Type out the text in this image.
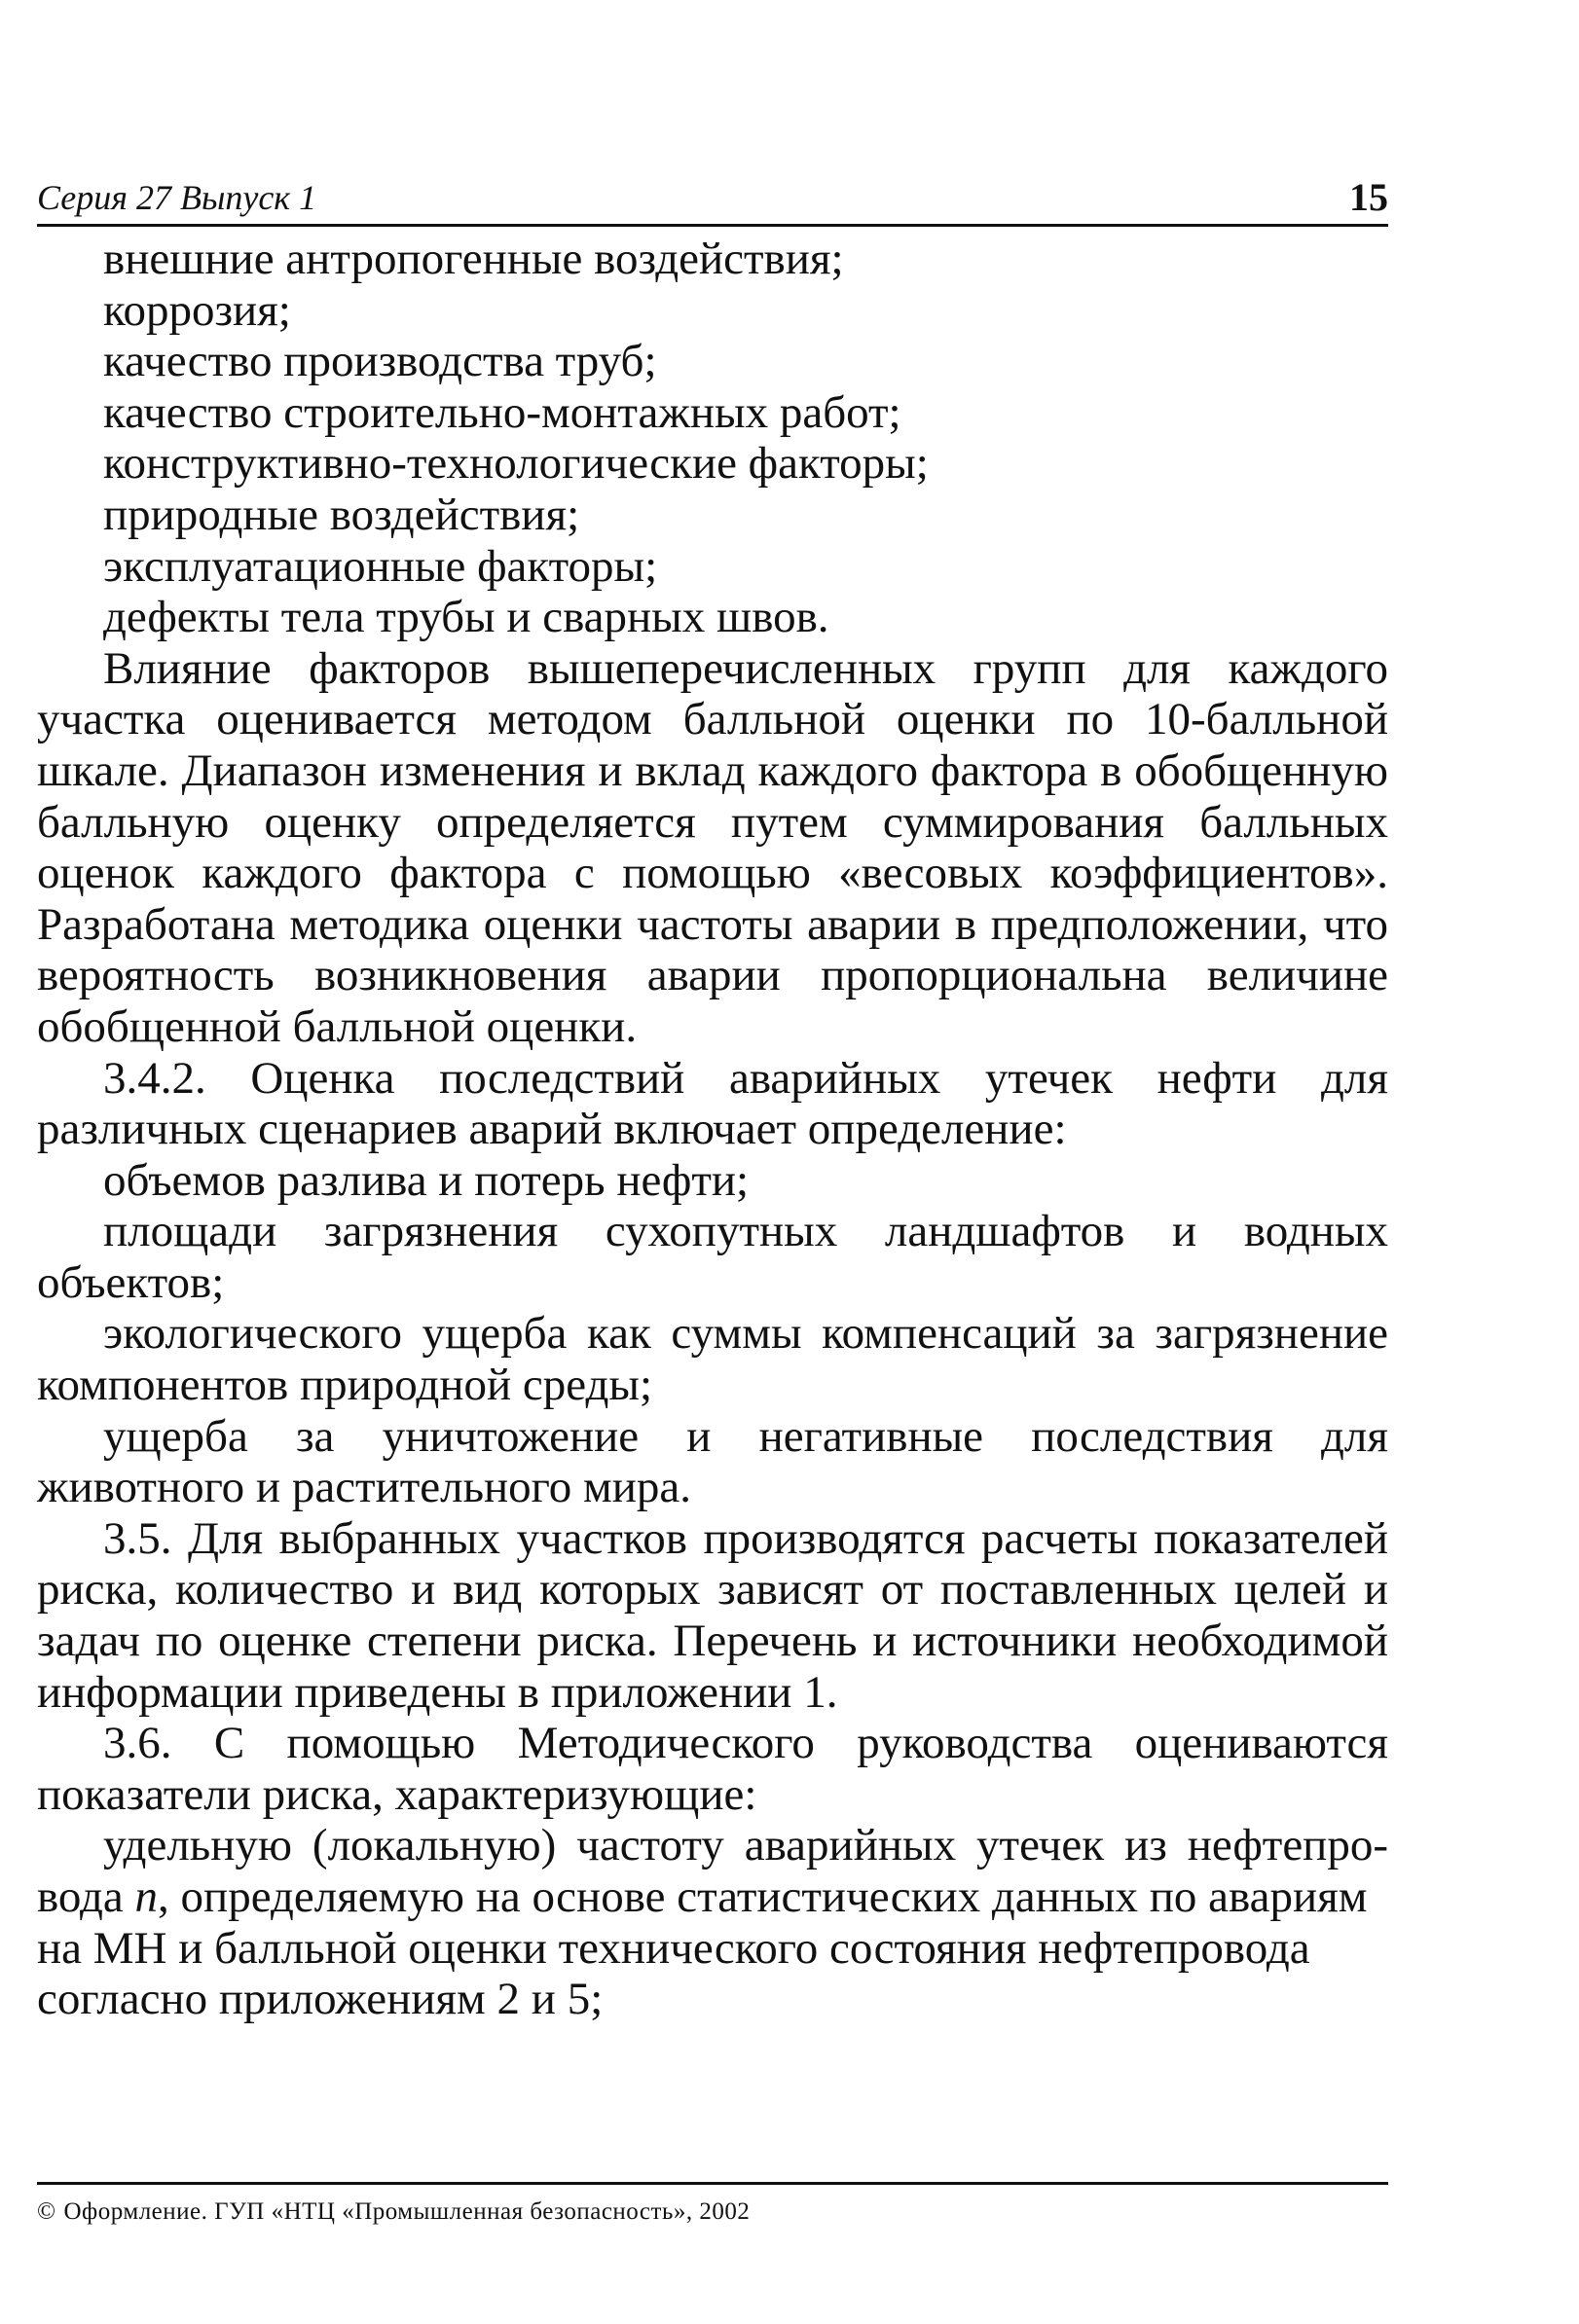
Серия 27 Выпуск 1	15

внешние антропогенные воздействия;

коррозия;

качество производства труб;

качество строительно-монтажных работ;

конструктивно-технологические факторы;

природные воздействия;

эксплуатационные факторы;

дефекты тела трубы и сварных швов.

Влияние факторов вышеперечисленных групп для каждого участка оценивается методом балльной оценки по 10-балльной шкале. Диапазон изменения и вклад каждого фактора в обобщенную балльную оценку определяется путем суммирования балльных оценок каждого фактора с помощью «весовых коэффициентов». Разработана методика оценки частоты аварии в предположении, что вероятность возникновения аварии пропорциональна величине обобщенной балльной оценки.

3.4.2. Оценка последствий аварийных утечек нефти для различных сценариев аварий включает определение:

объемов разлива и потерь нефти;

площади загрязнения сухопутных ландшафтов и водных объектов;

экологического ущерба как суммы компенсаций за загрязнение компонентов природной среды;

ущерба за уничтожение и негативные последствия для животного и растительного мира.

3.5. Для выбранных участков производятся расчеты показателей риска, количество и вид которых зависят от поставленных целей и задач по оценке степени риска. Перечень и источники необходимой информации приведены в приложении 1.

3.6. С помощью Методического руководства оцениваются показатели риска, характеризующие:

удельную (локальную) частоту аварийных утечек из нефтепро-
вода n, определяемую на основе статистических данных по авариям на МН и балльной оценки технического состояния нефтепровода согласно приложениям 2 и 5;

© Оформление. ГУП «НТЦ «Промышленная безопасность», 2002
